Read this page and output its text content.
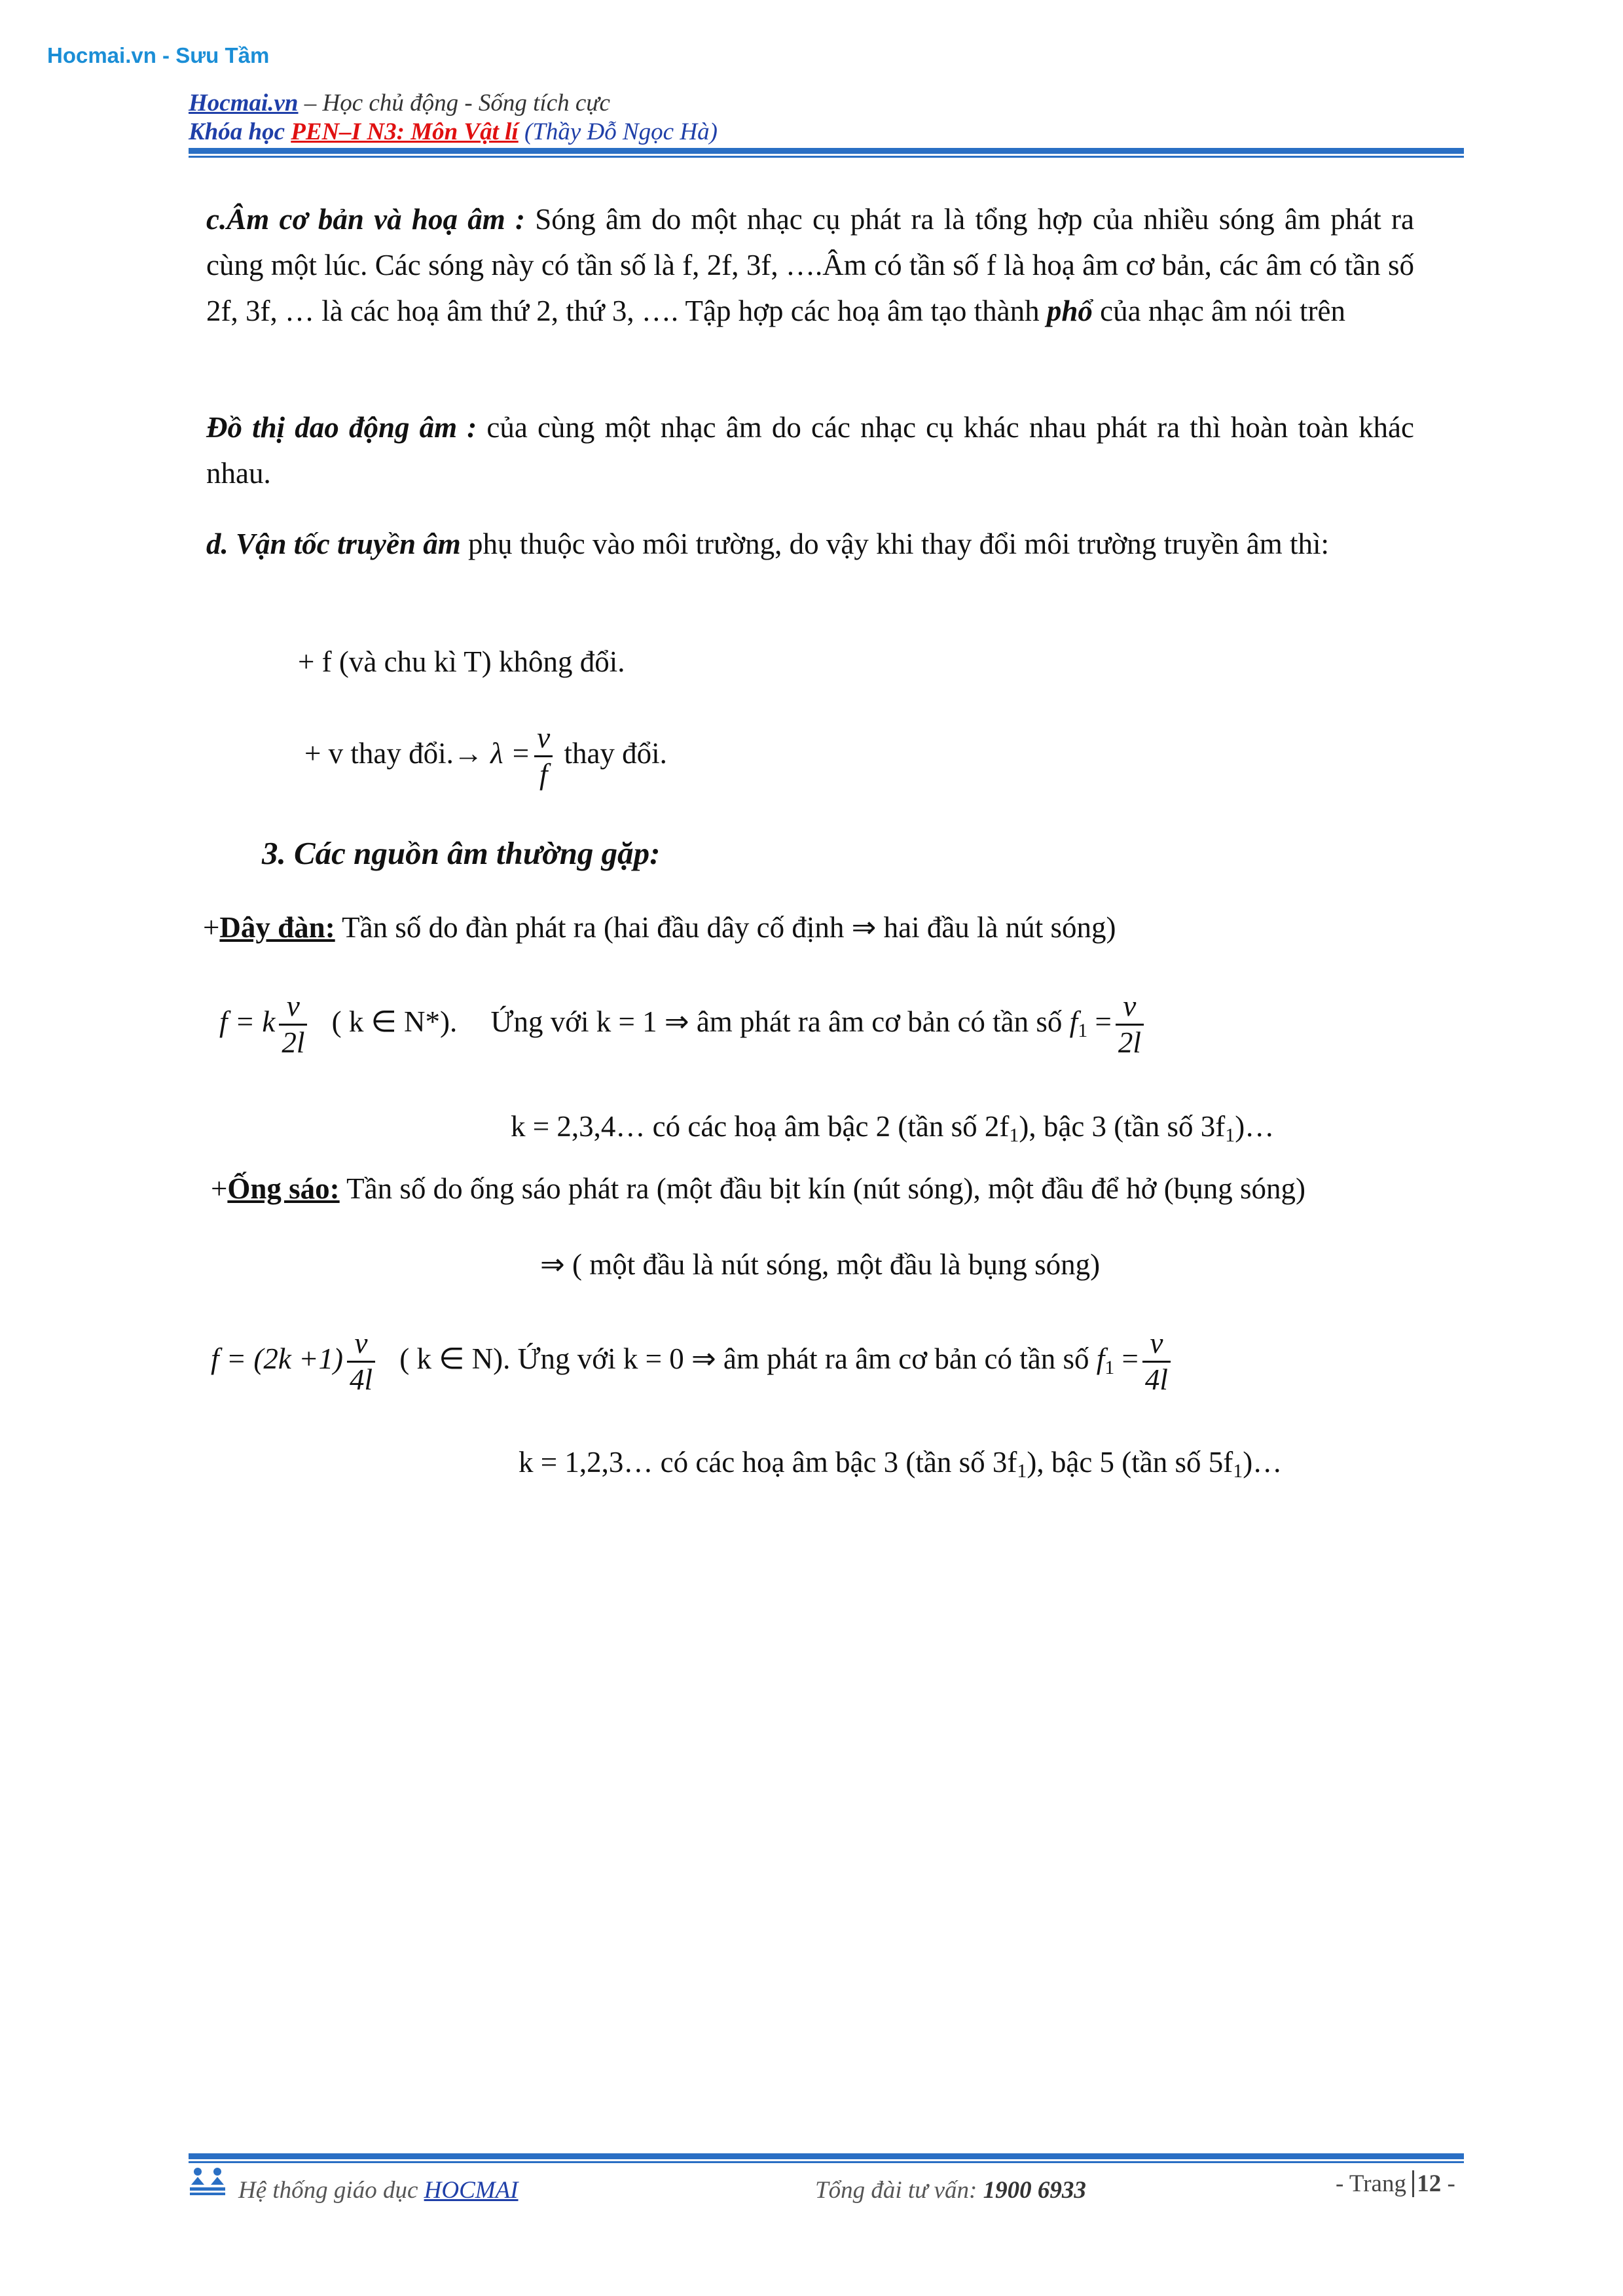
Hocmai.vn - Sưu Tầm
Hocmai.vn – Học chủ động - Sống tích cực
Khóa học PEN–I N3: Môn Vật lí (Thầy Đỗ Ngọc Hà)
c.Âm cơ bản và hoạ âm : Sóng âm do một nhạc cụ phát ra là tổng hợp của nhiều sóng âm phát ra cùng một lúc. Các sóng này có tần số là f, 2f, 3f, ….Âm có tần số f là hoạ âm cơ bản, các âm có tần số 2f, 3f, … là các hoạ âm thứ 2, thứ 3, …. Tập hợp các hoạ âm tạo thành phổ của nhạc âm nói trên
Đồ thị dao động âm : của cùng một nhạc âm do các nhạc cụ khác nhau phát ra thì hoàn toàn khác nhau.
d. Vận tốc truyền âm phụ thuộc vào môi trường, do vậy khi thay đổi môi trường truyền âm thì:
+ f (và chu kì T) không đổi.
+ v thay đổi.→ $\lambda = \frac{v}{f}$ thay đổi.
3. Các nguồn âm thường gặp:
+Dây đàn: Tần số do đàn phát ra (hai đầu dây cố định ⇒ hai đầu là nút sóng)
f = k $\frac{v}{2l}$ ( k ∈ N*). Ứng với k = 1 ⇒ âm phát ra âm cơ bản có tần số $f_1 = \frac{v}{2l}$
k = 2,3,4… có các hoạ âm bậc 2 (tần số $2f_1$), bậc 3 (tần số $3f_1)\dots$
+Ống sáo: Tần số do ống sáo phát ra (một đầu bịt kín (nút sóng), một đầu để hở (bụng sóng)
⇒ ( một đầu là nút sóng, một đầu là bụng sóng)
$f = (2k +1) \frac{v}{4l}$ ( k ∈ N). Ứng với k = 0 ⇒ âm phát ra âm cơ bản có tần số $f_1 = \frac{v}{4l}$
k = 1,2,3… có các hoạ âm bậc 3 (tần số $3f_1$), bậc 5 (tần số $5f_1)\dots$
Hệ thống giáo dục HOCMAI	Tổng đài tư vấn: 1900 6933	- Trang 12 -
